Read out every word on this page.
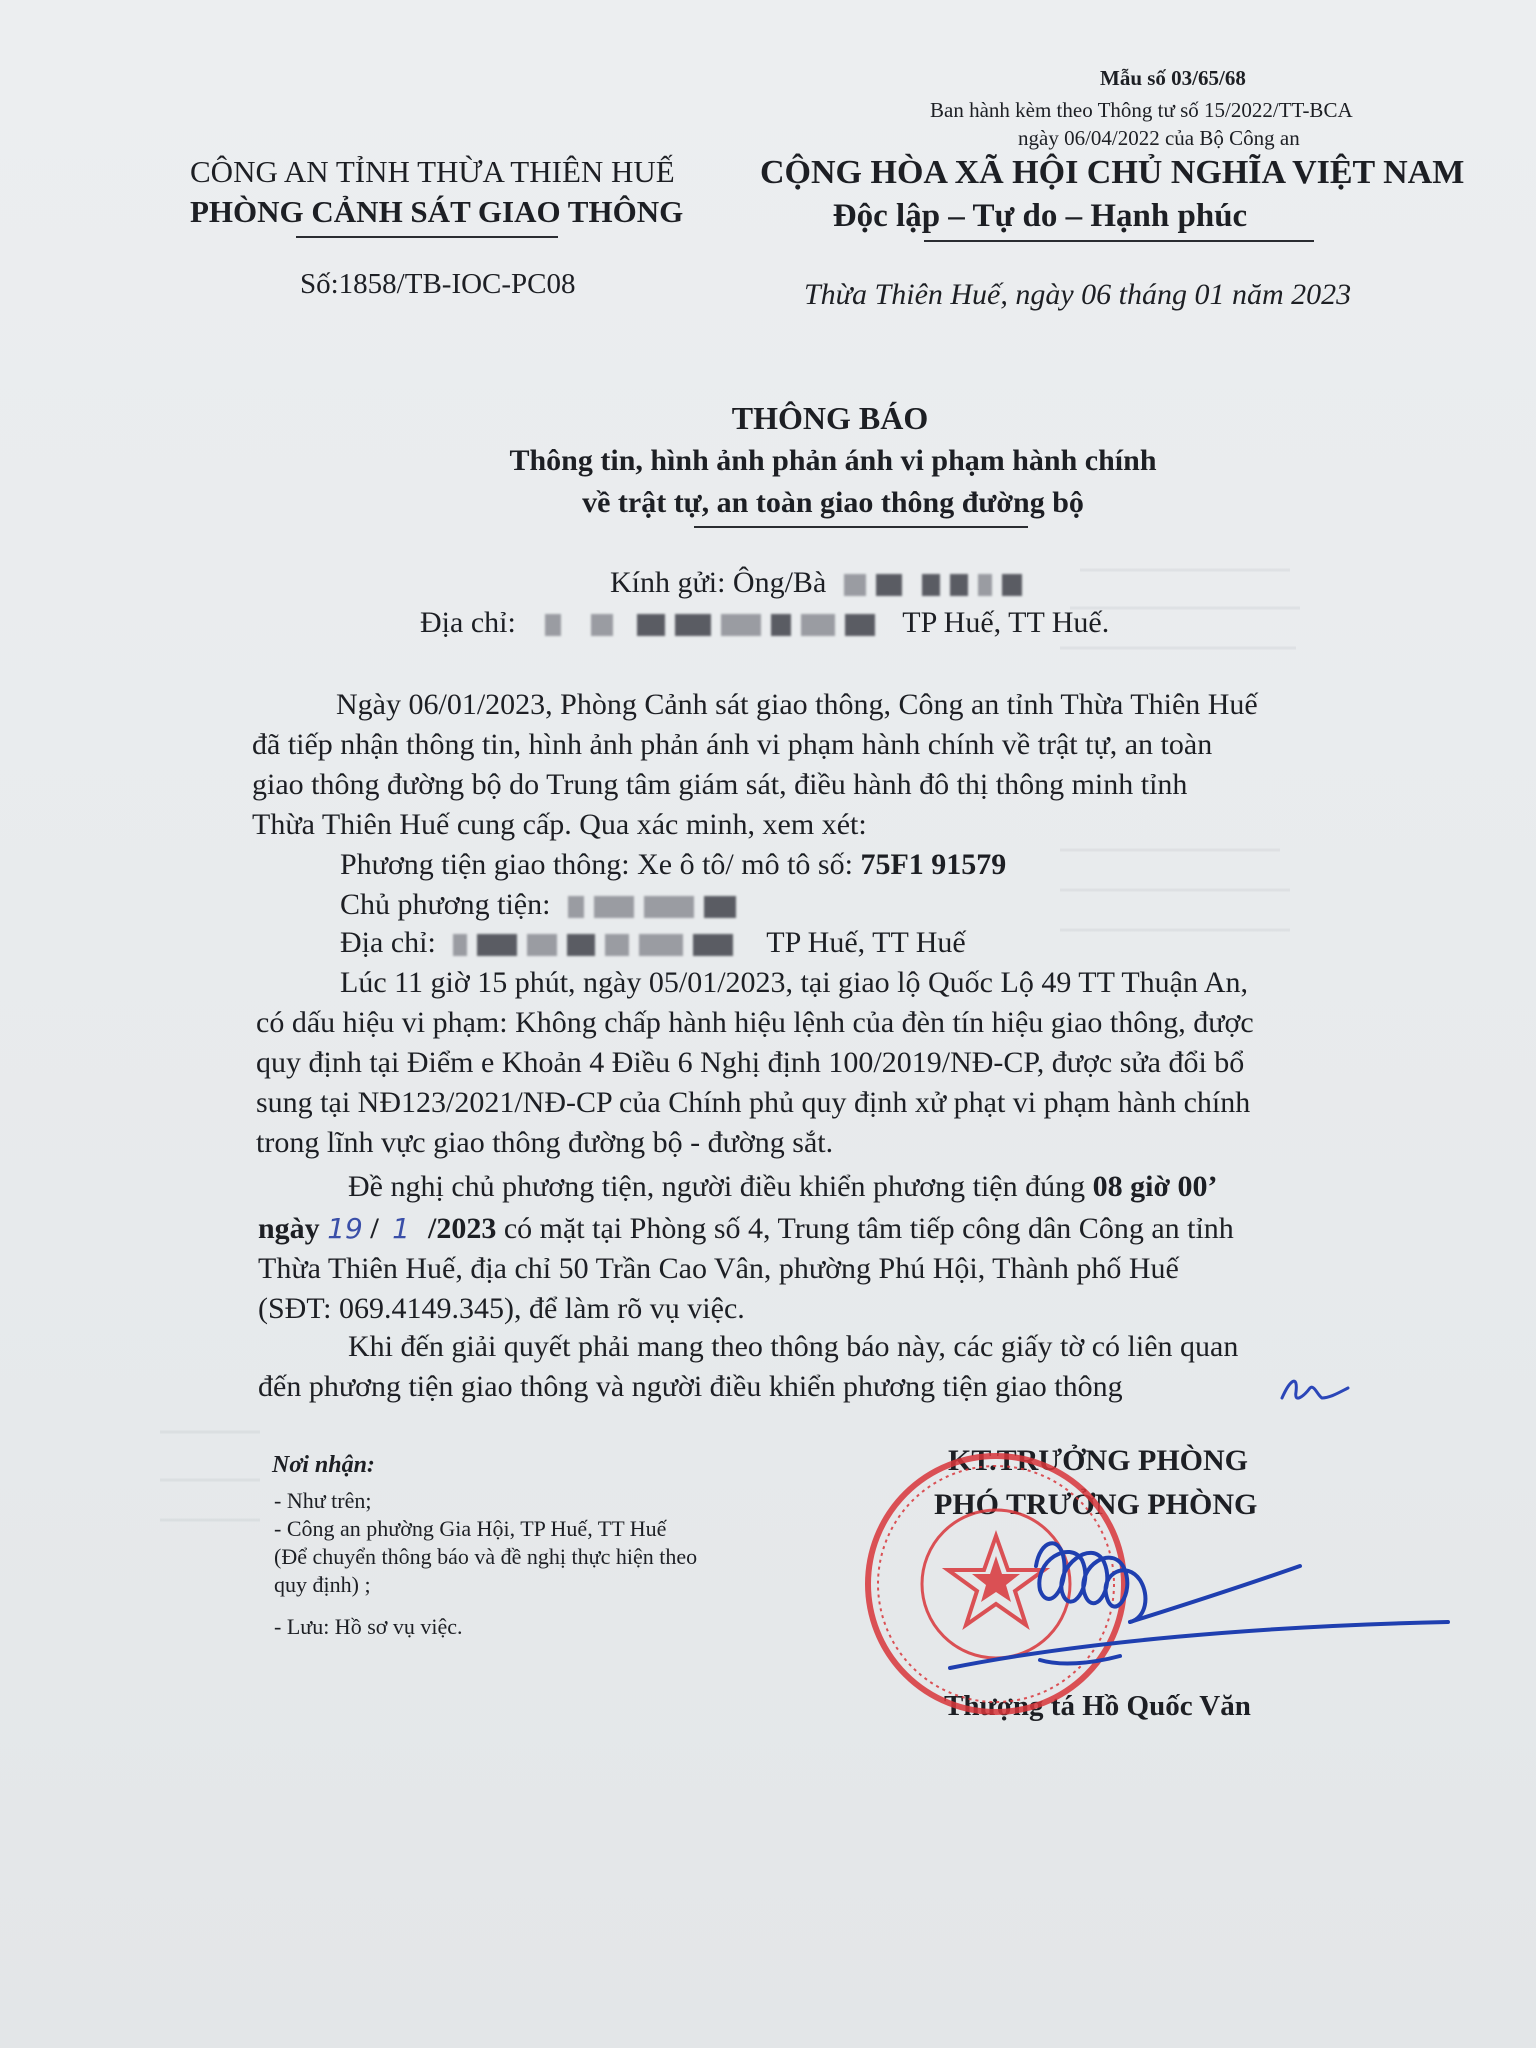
Mẫu số 03/65/68
Ban hành kèm theo Thông tư số 15/2022/TT-BCA
ngày 06/04/2022 của Bộ Công an
CÔNG AN TỈNH THỪA THIÊN HUẾ
PHÒNG CẢNH SÁT GIAO THÔNG
CỘNG HÒA XÃ HỘI CHỦ NGHĨA VIỆT NAM
Độc lập – Tự do – Hạnh phúc
Số:1858/TB-IOC-PC08	Thừa Thiên Huế, ngày 06 tháng 01 năm 2023
THÔNG BÁO
Thông tin, hình ảnh phản ánh vi phạm hành chính
về trật tự, an toàn giao thông đường bộ
Kính gửi: Ông/Bà
Địa chỉ:	TP Huế, TT Huế.
Ngày 06/01/2023, Phòng Cảnh sát giao thông, Công an tỉnh Thừa Thiên Huế
đã tiếp nhận thông tin, hình ảnh phản ánh vi phạm hành chính về trật tự, an toàn
giao thông đường bộ do Trung tâm giám sát, điều hành đô thị thông minh tỉnh
Thừa Thiên Huế cung cấp. Qua xác minh, xem xét:
Phương tiện giao thông: Xe ô tô/ mô tô số: 75F1 91579
Chủ phương tiện:
Địa chỉ:	TP Huế, TT Huế
Lúc 11 giờ 15 phút, ngày 05/01/2023, tại giao lộ Quốc Lộ 49 TT Thuận An,
có dấu hiệu vi phạm: Không chấp hành hiệu lệnh của đèn tín hiệu giao thông, được
quy định tại Điểm e Khoản 4 Điều 6 Nghị định 100/2019/NĐ-CP, được sửa đổi bổ
sung tại NĐ123/2021/NĐ-CP của Chính phủ quy định xử phạt vi phạm hành chính
trong lĩnh vực giao thông đường bộ - đường sắt.
Đề nghị chủ phương tiện, người điều khiển phương tiện đúng 08 giờ 00’
ngày 19 / 1 /2023 có mặt tại Phòng số 4, Trung tâm tiếp công dân Công an tỉnh
Thừa Thiên Huế, địa chỉ 50 Trần Cao Vân, phường Phú Hội, Thành phố Huế
(SĐT: 069.4149.345), để làm rõ vụ việc.
Khi đến giải quyết phải mang theo thông báo này, các giấy tờ có liên quan
đến phương tiện giao thông và người điều khiển phương tiện giao thông
Nơi nhận:
- Như trên;
- Công an phường Gia Hội, TP Huế, TT Huế
(Để chuyển thông báo và đề nghị thực hiện theo
quy định) ;
- Lưu: Hồ sơ vụ việc.
KT.TRƯỞNG PHÒNG
PHÓ TRƯỞNG PHÒNG
Thượng tá Hồ Quốc Văn
